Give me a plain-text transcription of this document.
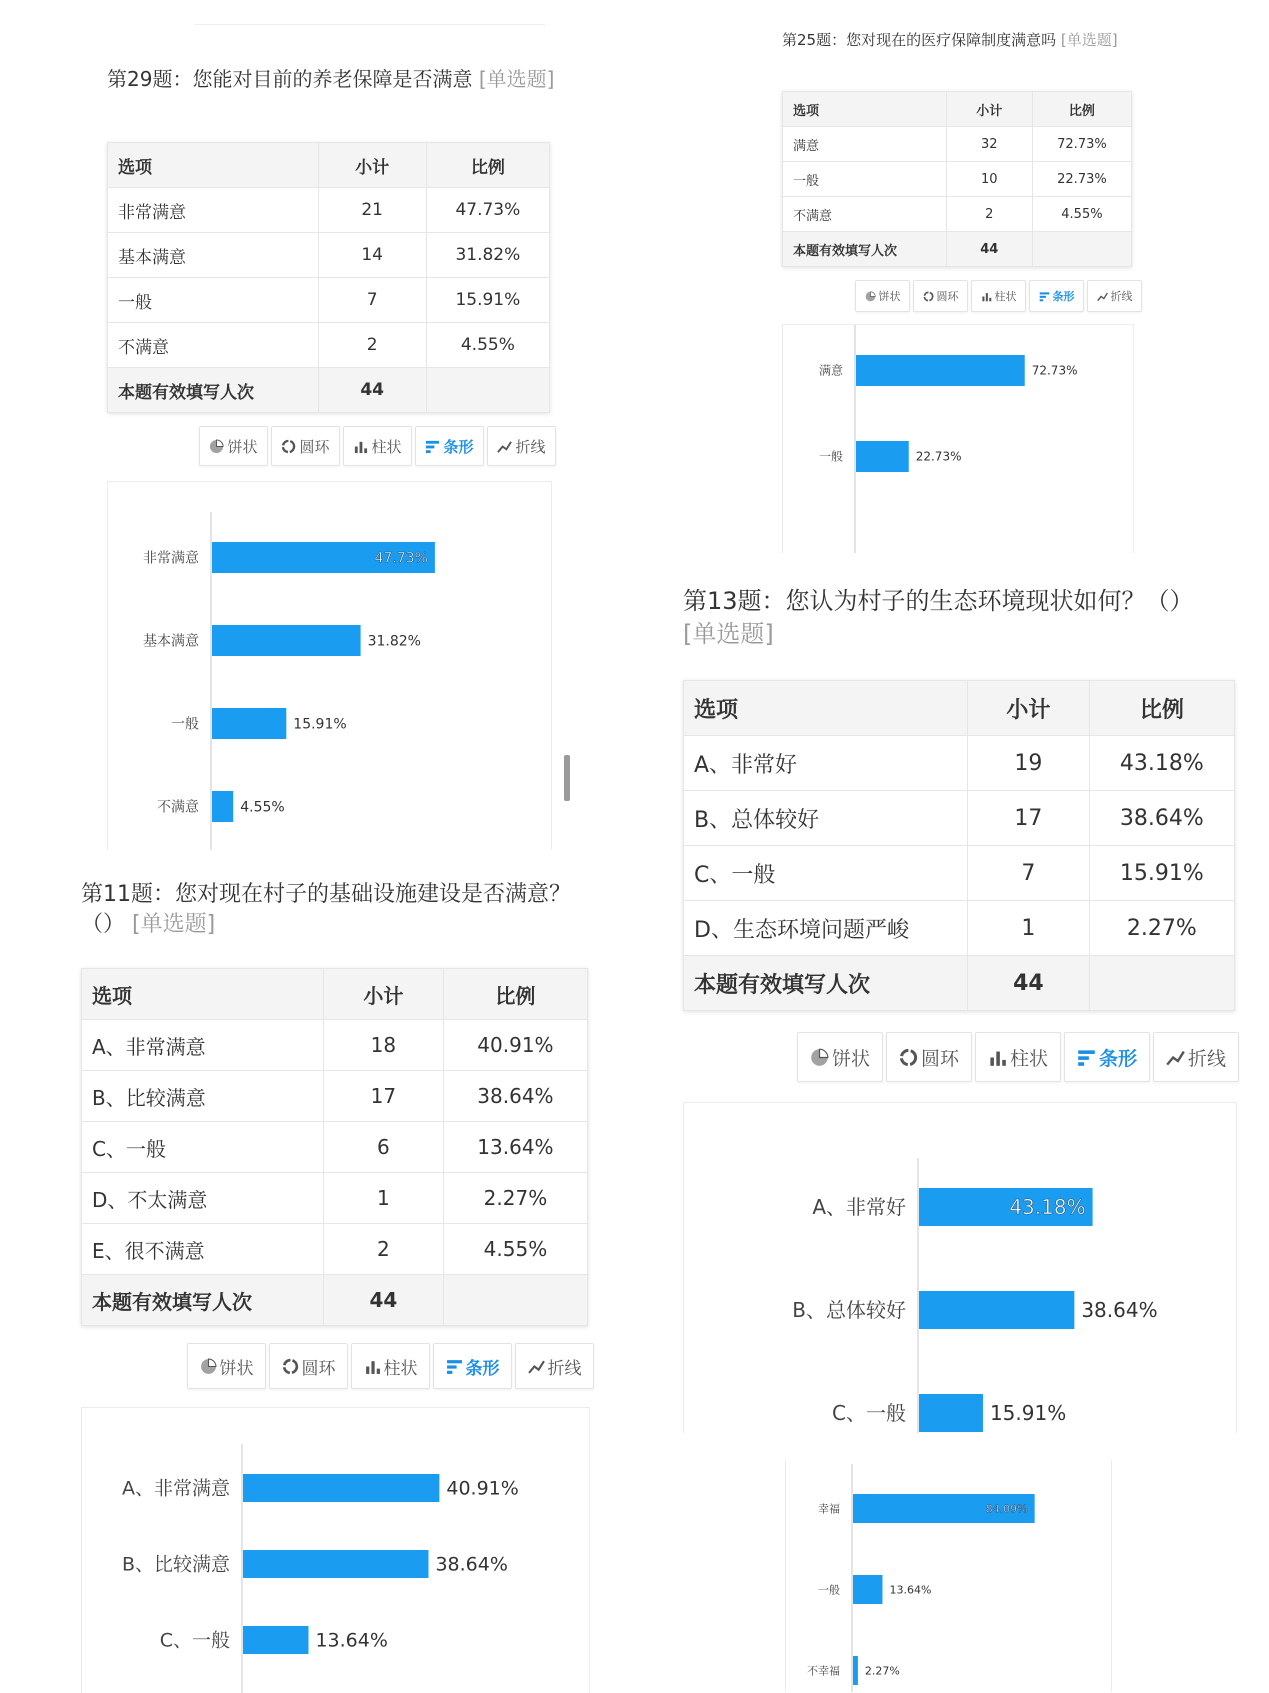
第29题：您能对目前的养老保障是否满意 [单选题]
选项	小计	比例
非常满意	21	47.73%
基本满意	14	31.82%
一般	7	15.91%
不满意	2	4.55%
本题有效填写人次	44	
饼状	圆环	柱状	条形	折线
非常满意	47.73%
基本满意	31.82%
一般	15.91%
不满意	4.55%
第25题：您对现在的医疗保障制度满意吗 [单选题]
选项	小计	比例
满意	32	72.73%
一般	10	22.73%
不满意	2	4.55%
本题有效填写人次	44	
饼状	圆环	柱状	条形	折线
满意	72.73%
一般	22.73%
第13题：您认为村子的生态环境现状如何？（） [单选题]
选项	小计	比例
A、非常好	19	43.18%
B、总体较好	17	38.64%
C、一般	7	15.91%
D、生态环境问题严峻	1	2.27%
本题有效填写人次	44	
饼状	圆环	柱状	条形	折线
A、非常好	43.18%
B、总体较好	38.64%
C、一般	15.91%
第11题：您对现在村子的基础设施建设是否满意？（） [单选题]
选项	小计	比例
A、非常满意	18	40.91%
B、比较满意	17	38.64%
C、一般	6	13.64%
D、不太满意	1	2.27%
E、很不满意	2	4.55%
本题有效填写人次	44	
饼状	圆环	柱状	条形	折线
A、非常满意	40.91%
B、比较满意	38.64%
C、一般	13.64%
幸福	84.09%
一般	13.64%
不幸福 2.27%
